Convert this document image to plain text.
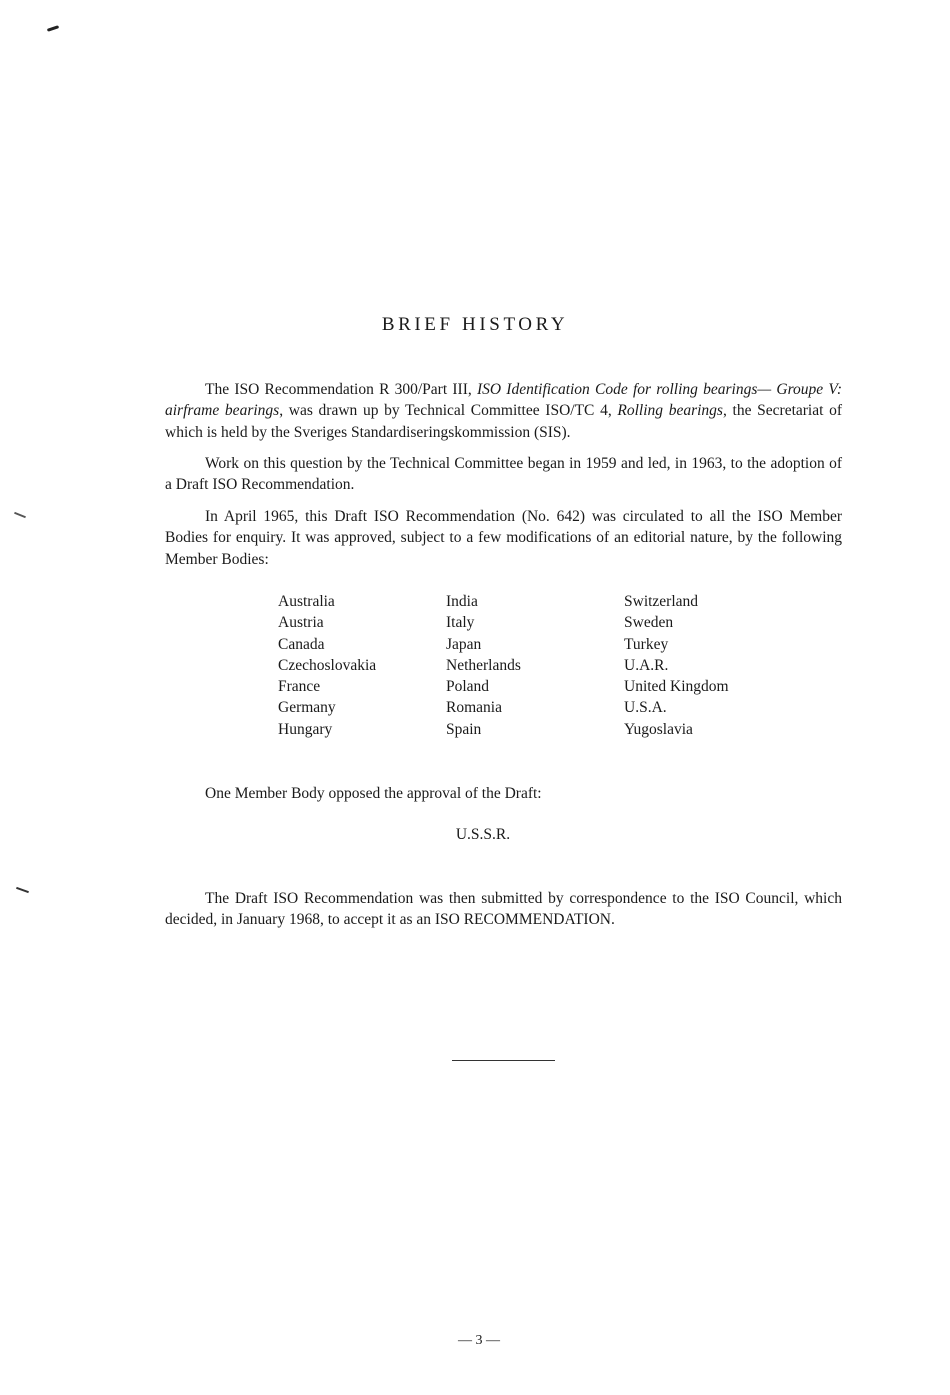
BRIEF HISTORY

The ISO Recommendation R 300/Part III, ISO Identification Code for rolling bearings— Groupe V: airframe bearings, was drawn up by Technical Committee ISO/TC 4, Rolling bearings, the Secretariat of which is held by the Sveriges Standardiseringskommission (SIS).

Work on this question by the Technical Committee began in 1959 and led, in 1963, to the adoption of a Draft ISO Recommendation.

In April 1965, this Draft ISO Recommendation (No. 642) was circulated to all the ISO Member Bodies for enquiry. It was approved, subject to a few modifications of an editorial nature, by the following Member Bodies:

Australia
Austria
Canada
Czechoslovakia
France
Germany
Hungary
India
Italy
Japan
Netherlands
Poland
Romania
Spain
Switzerland
Sweden
Turkey
U.A.R.
United Kingdom
U.S.A.
Yugoslavia

One Member Body opposed the approval of the Draft:

U.S.S.R.

The Draft ISO Recommendation was then submitted by correspondence to the ISO Council, which decided, in January 1968, to accept it as an ISO RECOMMENDATION.

— 3 —
